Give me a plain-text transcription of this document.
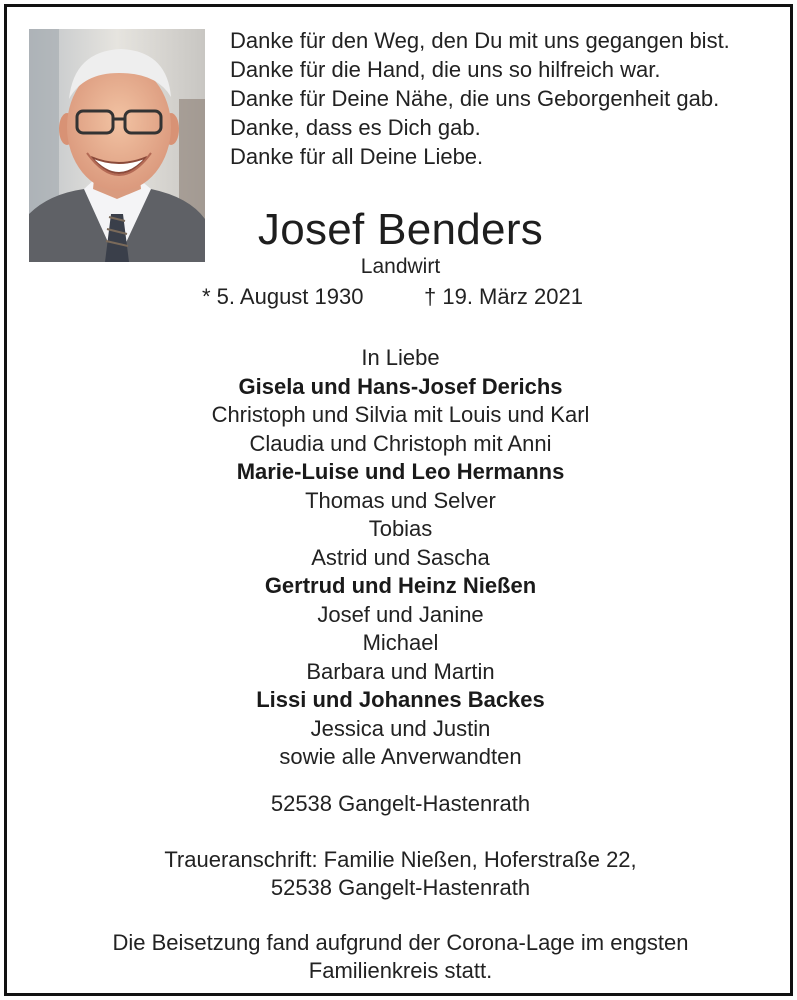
Danke für den Weg, den Du mit uns gegangen bist.
Danke für die Hand, die uns so hilfreich war.
Danke für Deine Nähe, die uns Geborgenheit gab.
Danke, dass es Dich gab.
Danke für all Deine Liebe.
Josef Benders
Landwirt
* 5. August 1930	† 19. März 2021
In Liebe
Gisela und Hans-Josef Derichs
Christoph und Silvia mit Louis und Karl
Claudia und Christoph mit Anni
Marie-Luise und Leo Hermanns
Thomas und Selver
Tobias
Astrid und Sascha
Gertrud und Heinz Nießen
Josef und Janine
Michael
Barbara und Martin
Lissi und Johannes Backes
Jessica und Justin
sowie alle Anverwandten
52538 Gangelt-Hastenrath
Traueranschrift: Familie Nießen, Hoferstraße 22,
52538 Gangelt-Hastenrath
Die Beisetzung fand aufgrund der Corona-Lage im engsten
Familienkreis statt.
